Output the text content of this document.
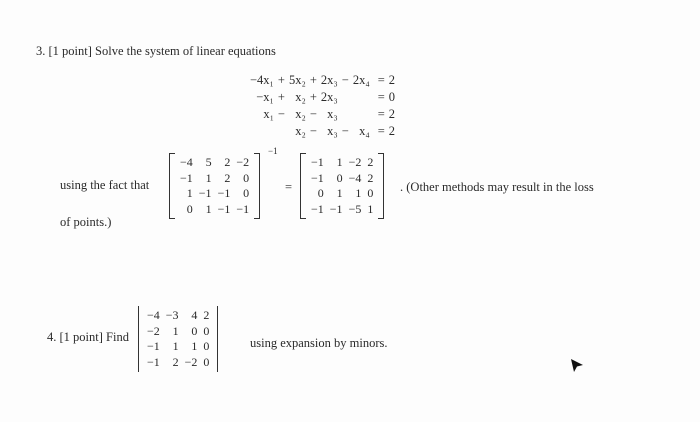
3. [1 point] Solve the system of linear equations
−4x₁	+	5x₂	+	2x₃	−	2x₄	=	2
−x₁	+	x₂	+	2x₃			=	0
x₁	−	x₂	−	x₃			=	2
		x₂	−	x₃	−	x₄	=	2
using the fact that
−4	5	2	−2
−1	1	2	0
1	−1	−1	0
0	1	−1	−1
−1
=
−1	1	−2	2
−1	0	−4	2
0	1	1	0
−1	−1	−5	1
. (Other methods may result in the loss
of points.)
4. [1 point] Find
−4	−3	4	2
−2	1	0	0
−1	1	1	0
−1	2	−2	0
using expansion by minors.
